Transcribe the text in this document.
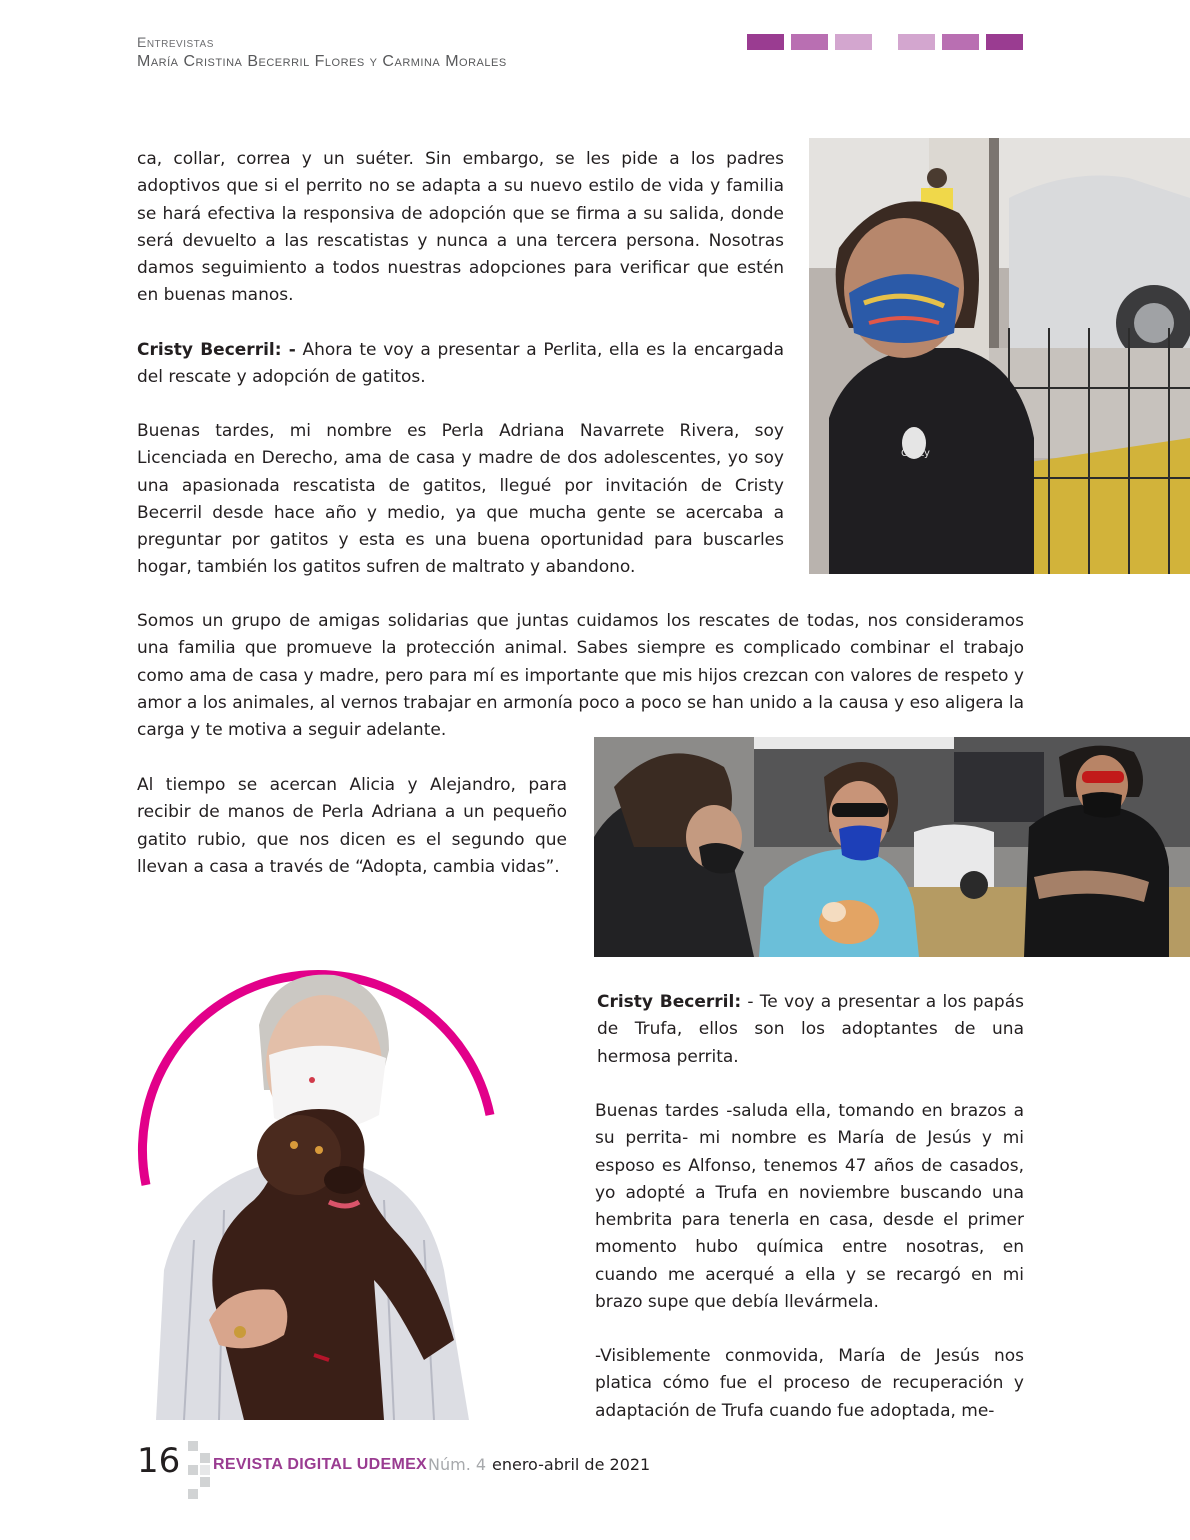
Entrevistas
María Cristina Becerril Flores y Carmina Morales

ca, collar, correa y un suéter. Sin embargo, se les pide a los padres adoptivos que si el perrito no se adapta a su nuevo estilo de vida y familia se hará efectiva la responsiva de adopción que se firma a su salida, donde será devuelto a las rescatistas y nunca a una tercera persona. Nosotras damos seguimiento a todos nuestras adopciones para verificar que estén en buenas manos.

Cristy Becerril: - Ahora te voy a presentar a Perlita, ella es la encargada del rescate y adopción de gatitos.

Buenas tardes, mi nombre es Perla Adriana Navarrete Rivera, soy Licenciada en Derecho, ama de casa y madre de dos adolescentes, yo soy una apasionada rescatista de gatitos, llegué por invitación de Cristy Becerril desde hace año y medio, ya que mucha gente se acercaba a preguntar por gatitos y esta es una buena oportunidad para buscarles hogar, también los gatitos sufren de maltrato y abandono.

Somos un grupo de amigas solidarias que juntas cuidamos los rescates de todas, nos consideramos una familia que promueve la protección animal. Sabes siempre es complicado combinar el trabajo como ama de casa y madre, pero para mí es importante que mis hijos crezcan con valores de respeto y amor a los animales, al vernos trabajar en armonía poco a poco se han unido a la causa y eso aligera la carga y te motiva a seguir adelante.

Al tiempo se acercan Alicia y Alejandro, para recibir de manos de Perla Adriana a un pequeño gatito rubio, que nos dicen es el segundo que llevan a casa a través de “Adopta, cambia vidas”.

Cristy Becerril: - Te voy a presentar a los papás de Trufa, ellos son los adoptantes de una hermosa perrita.

Buenas tardes -saluda ella, tomando en brazos a su perrita- mi nombre es María de Jesús y mi esposo es Alfonso, tenemos 47 años de casados, yo adopté a Trufa en noviembre buscando una hembrita para tenerla en casa, desde el primer momento hubo química entre nosotras, en cuando me acerqué a ella y se recargó en mi brazo supe que debía llevármela.

-Visiblemente conmovida, María de Jesús nos platica cómo fue el proceso de recuperación y adaptación de Trufa cuando fue adoptada, me-

Cristy
16 REVISTA DIGITAL UDEMEX Núm. 4 enero-abril de 2021
